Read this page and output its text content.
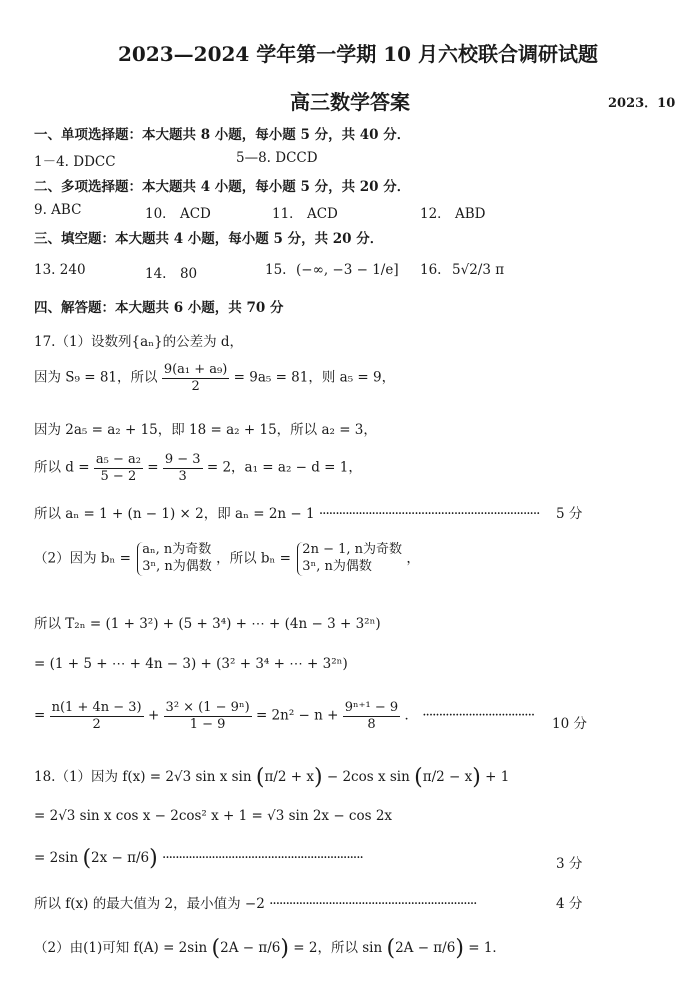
2023—2024 学年第一学期 10 月六校联合调研试题
高三数学答案	2023．10
一、单项选择题：本大题共 8 小题，每小题 5 分，共 40 分．
1－4. DDCC	5—8. DCCD
二、多项选择题：本大题共 4 小题，每小题 5 分，共 20 分．
9. ABC	10． ACD	11． ACD	12． ABD
三、填空题：本大题共 4 小题，每小题 5 分，共 20 分．
13. 240	14.　80	15. (−∞, −3 − 1/e] 16. 5√2/3 π
四、解答题：本大题共 6 小题，共 70 分
17.（1）设数列{aₙ}的公差为 d，
因为 S₉ = 81，所以 $\frac{\text{9(a₁ + a₉)}}{2} = 9a_5 = 81$，则 a₅ = 9，
因为 2a₅ = a₂ + 15，即 18 = a₂ + 15，所以 a₂ = 3，
所以 $d = \frac{\text{a₅ − a₂}}{5 - 2} = \frac{9 - 3}{3} = 2$，a₁ = a₂ − d = 1，
所以 aₙ = 1 + (n − 1) × 2，即 aₙ = 2n − 1 ···································································	5 分
（2）因为 bₙ =
aₙ, n为奇数
3ⁿ, n为偶数 ，所以 bₙ =
2n − 1, n为奇数
3ⁿ, n为偶数	，
所以 T₂ₙ = (1 + 3²) + (5 + 3⁴) + ⋯ + (4n − 3 + 3²ⁿ)
= (1 + 5 + ⋯ + 4n − 3) + (3² + 3⁴ + ⋯ + 3²ⁿ)
= $\frac{n(1 + 4n - 3)}{2} + \frac{\text{3² × (1 − 9ⁿ)}}{1 - 9} = 2n^2 - n + \frac{\text{9ⁿ⁺¹ − 9}}{8}$ ． ··································
10 分
18.（1）因为 f(x) = 2√3 sin x sin (π/2 + x) − 2cos x sin (π/2 − x) + 1
= 2√3 sin x cos x − 2cos² x + 1 = √3 sin 2x − cos 2x
= 2sin (2x − π/6) ·····························································	3 分
所以 f(x) 的最大值为 2，最小值为 −2 ·······························································	4 分
（2）由(1)可知 f(A) = 2sin (2A − π/6) = 2，所以 sin (2A − π/6) = 1．
